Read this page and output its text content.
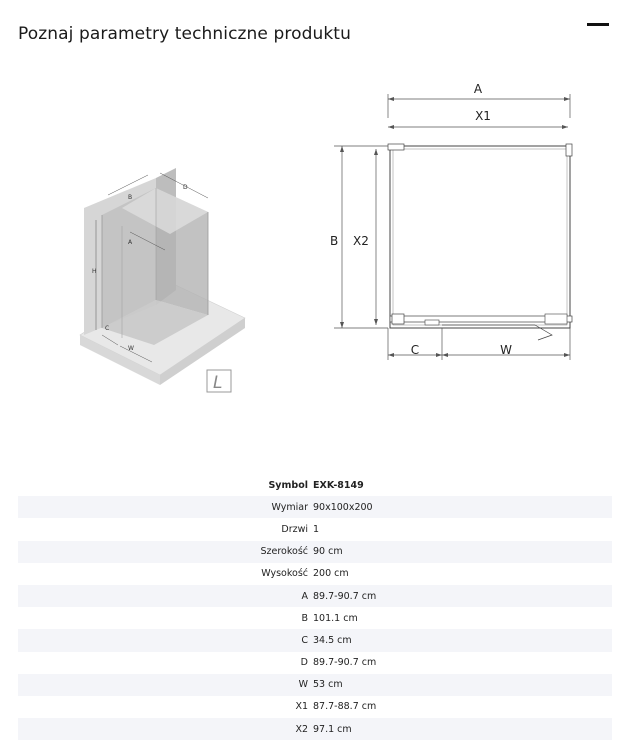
Poznaj parametry techniczne produktu
B
D
A
H
C
W
L
A
X1
B X2
C	W
Symbol EXK-8149
Wymiar 90x100x200
Drzwi 1
Szerokość 90 cm
Wysokość 200 cm
A 89.7-90.7 cm
B 101.1 cm
C 34.5 cm
D 89.7-90.7 cm
W 53 cm
X1 87.7-88.7 cm
X2 97.1 cm
